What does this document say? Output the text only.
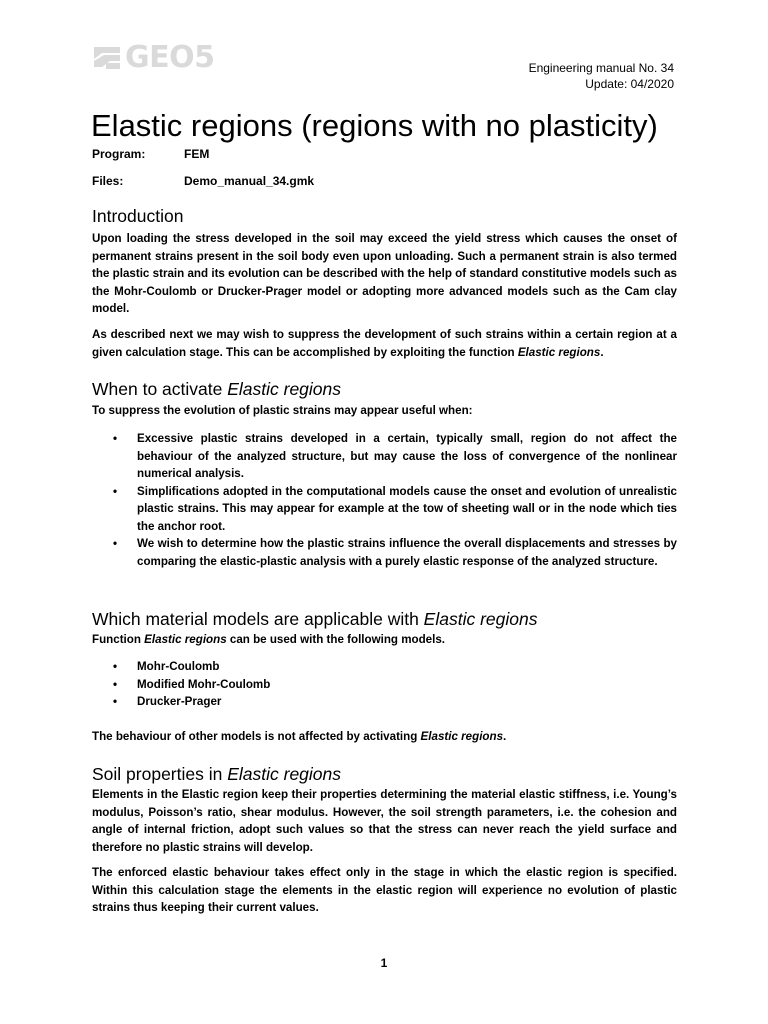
GEO5	Engineering manual No. 34
Update: 04/2020
Elastic regions (regions with no plasticity)
Program:	FEM
Files:	Demo_manual_34.gmk
Introduction

Upon loading the stress developed in the soil may exceed the yield stress which causes the onset of permanent strains present in the soil body even upon unloading. Such a permanent strain is also termed the plastic strain and its evolution can be described with the help of standard constitutive models such as the Mohr-Coulomb or Drucker-Prager model or adopting more advanced models such as the Cam clay model.

As described next we may wish to suppress the development of such strains within a certain region at a given calculation stage. This can be accomplished by exploiting the function Elastic regions.

When to activate Elastic regions

To suppress the evolution of plastic strains may appear useful when:

• Excessive plastic strains developed in a certain, typically small, region do not affect the behaviour of the analyzed structure, but may cause the loss of convergence of the nonlinear numerical analysis.
• Simplifications adopted in the computational models cause the onset and evolution of unrealistic plastic strains. This may appear for example at the tow of sheeting wall or in the node which ties the anchor root.
• We wish to determine how the plastic strains influence the overall displacements and stresses by comparing the elastic-plastic analysis with a purely elastic response of the analyzed structure.
Which material models are applicable with Elastic regions

Function Elastic regions can be used with the following models.

• Mohr-Coulomb
• Modified Mohr-Coulomb
• Drucker-Prager

The behaviour of other models is not affected by activating Elastic regions.

Soil properties in Elastic regions

Elements in the Elastic region keep their properties determining the material elastic stiffness, i.e. Young’s modulus, Poisson’s ratio, shear modulus. However, the soil strength parameters, i.e. the cohesion and angle of internal friction, adopt such values so that the stress can never reach the yield surface and therefore no plastic strains will develop.

The enforced elastic behaviour takes effect only in the stage in which the elastic region is specified. Within this calculation stage the elements in the elastic region will experience no evolution of plastic strains thus keeping their current values.

1
